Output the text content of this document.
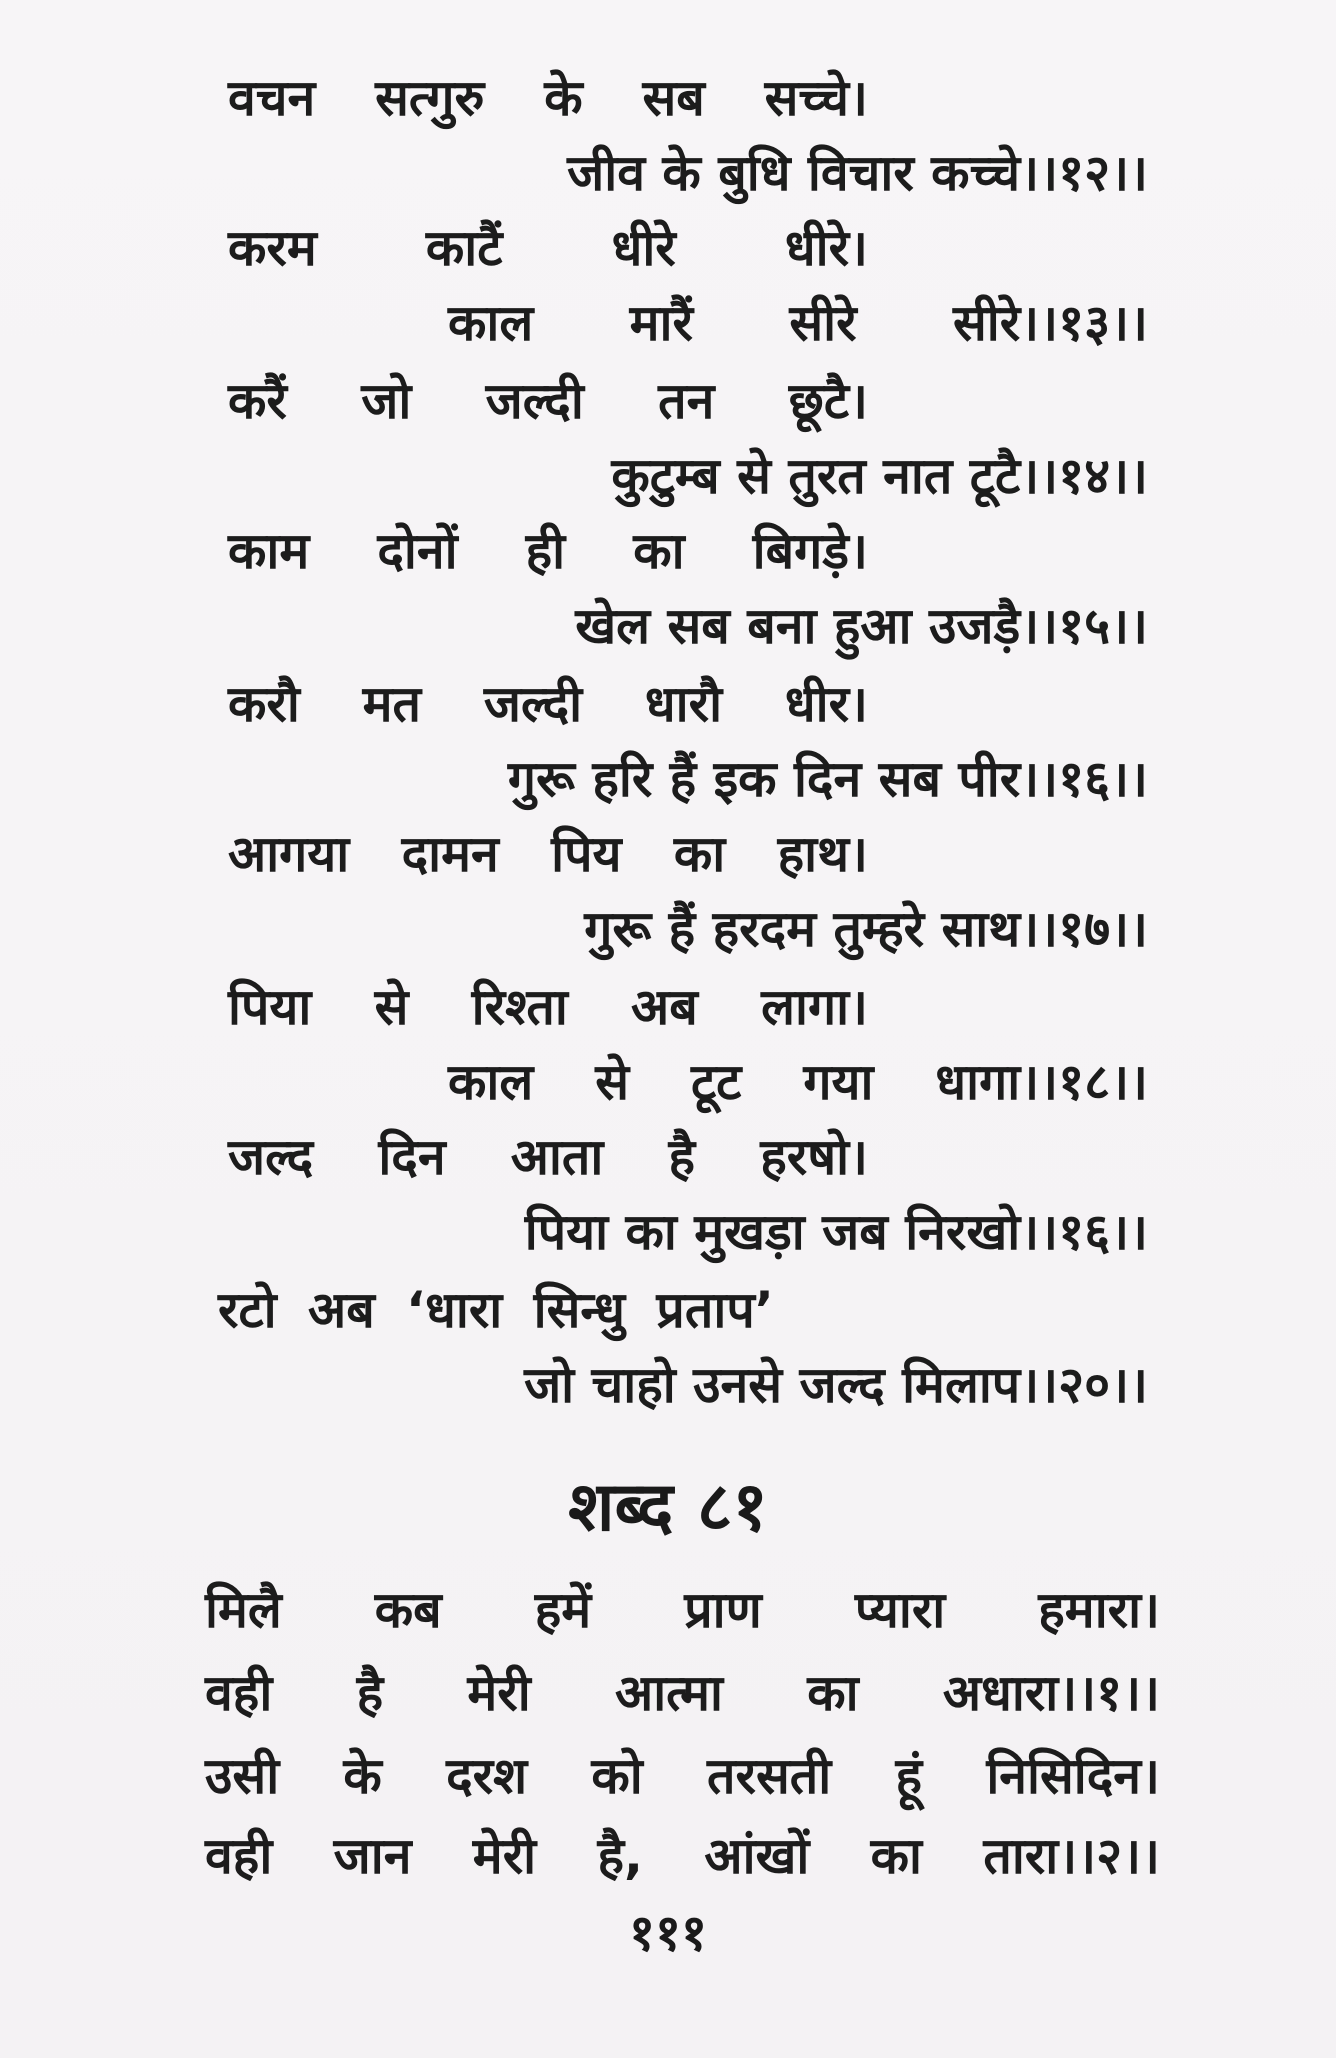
वचन सत्गुरु के सब सच्चे।
जीव के बुधि विचार कच्चे।।१२।।
करम काटैं धीरे धीरे।
काल मारैं सीरे सीरे।।१३।।
करैं जो जल्दी तन छूटै।
कुटुम्ब से तुरत नात टूटै।।१४।।
काम दोनों ही का बिगड़े।
खेल सब बना हुआ उजड़ै।।१५।।
करौ मत जल्दी धारौ धीर।
गुरू हरि हैं इक दिन सब पीर।।१६।।
आगया दामन पिय का हाथ।
गुरू हैं हरदम तुम्हरे साथ।।१७।।
पिया से रिश्ता अब लागा।
काल से टूट गया धागा।।१८।।
जल्द दिन आता है हरषो।
पिया का मुखड़ा जब निरखो।।१६।।
रटो अब ‘धारा सिन्धु प्रताप’
जो चाहो उनसे जल्द मिलाप।।२०।।
शब्द ८१
मिलै कब हमें प्राण प्यारा हमारा।
वही है मेरी आत्मा का अधारा।।१।।
उसी के दरश को तरसती हूं निसिदिन।
वही जान मेरी है, आंखों का तारा।।२।।
१११
